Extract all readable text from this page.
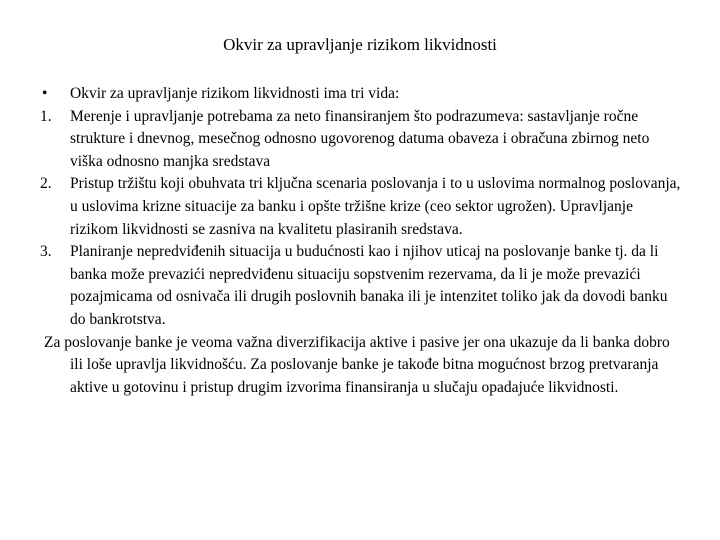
Okvir za upravljanje rizikom likvidnosti
•	Okvir za upravljanje rizikom likvidnosti ima tri vida:
1.	Merenje i upravljanje potrebama za neto finansiranjem što podrazumeva: sastavljanje ročne strukture i dnevnog, mesečnog odnosno ugovorenog datuma obaveza i obračuna zbirnog neto viška odnosno manjka sredstava
2.	Pristup tržištu koji obuhvata tri ključna scenaria poslovanja i to u uslovima normalnog poslovanja, u uslovima krizne situacije za banku i opšte tržišne krize (ceo sektor ugrožen). Upravljanje rizikom likvidnosti se zasniva na kvalitetu plasiranih sredstava.
3.	Planiranje nepredviđenih situacija u budućnosti kao i njihov uticaj na poslovanje banke tj. da li banka može prevazići nepredviđenu situaciju sopstvenim rezervama, da li je može prevazići pozajmicama od osnivača ili drugih poslovnih banaka ili je intenzitet toliko jak da dovodi banku do bankrotstva.
Za poslovanje banke je veoma važna diverzifikacija aktive i pasive jer ona ukazuje da li banka dobro ili loše upravlja likvidnošću. Za poslovanje banke je takođe bitna mogućnost brzog pretvaranja aktive u gotovinu i pristup drugim izvorima finansiranja u slučaju opadajuće likvidnosti.
